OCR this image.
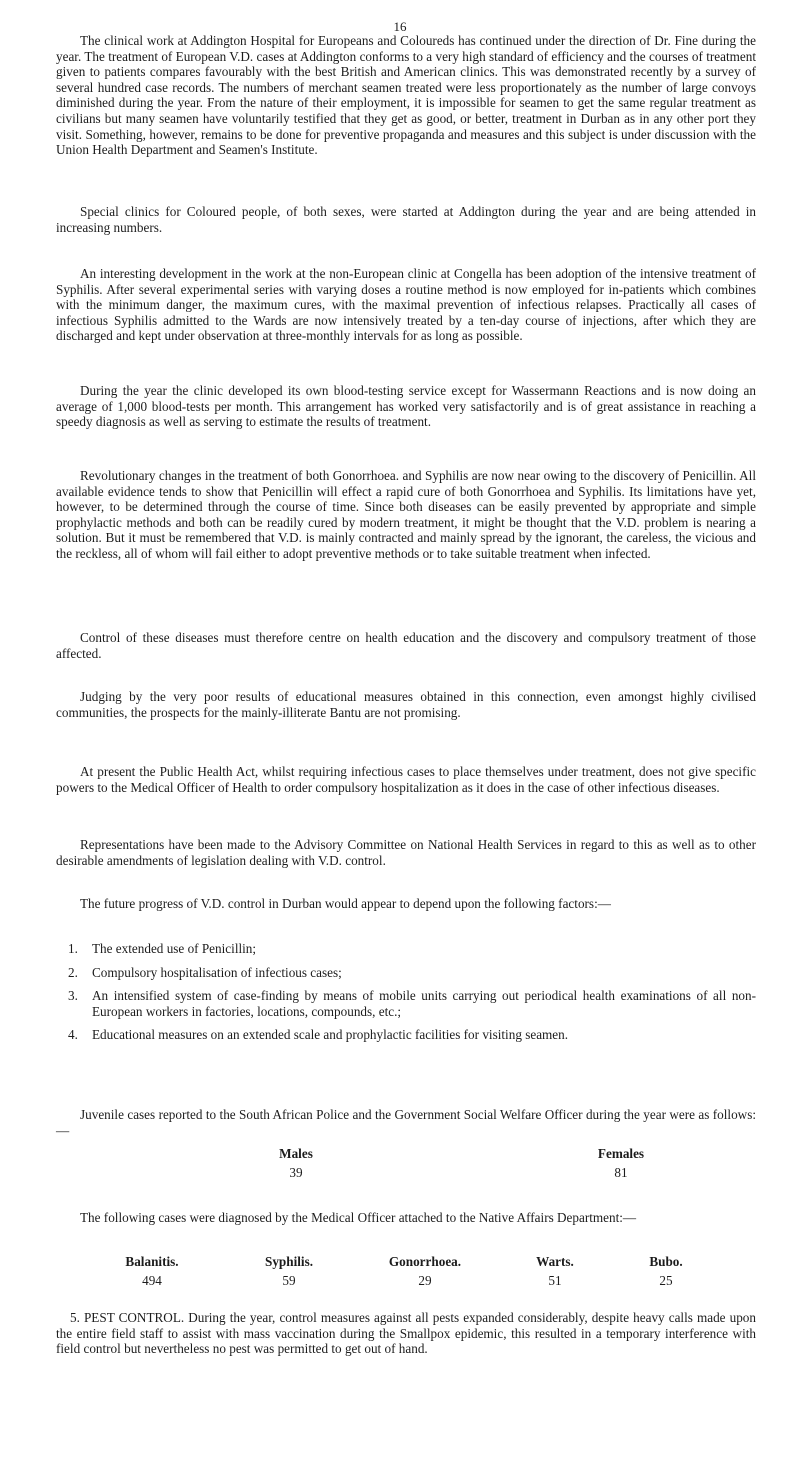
16

The clinical work at Addington Hospital for Europeans and Coloureds has continued under the direction of Dr. Fine during the year. The treatment of European V.D. cases at Addington conforms to a very high standard of efficiency and the courses of treatment given to patients compares favourably with the best British and American clinics. This was demonstrated recently by a survey of several hundred case records. The numbers of merchant seamen treated were less proportionately as the number of large convoys diminished during the year. From the nature of their employment, it is impossible for seamen to get the same regular treatment as civilians but many seamen have voluntarily testified that they get as good, or better, treatment in Durban as in any other port they visit. Something, however, remains to be done for preventive propaganda and measures and this subject is under discussion with the Union Health Department and Seamen's Institute.

Special clinics for Coloured people, of both sexes, were started at Addington during the year and are being attended in increasing numbers.

An interesting development in the work at the non-European clinic at Congella has been adoption of the intensive treatment of Syphilis. After several experimental series with varying doses a routine method is now employed for in-patients which combines with the minimum danger, the maximum cures, with the maximal prevention of infectious relapses. Practically all cases of infectious Syphilis admitted to the Wards are now intensively treated by a ten-day course of injections, after which they are discharged and kept under observation at three-monthly intervals for as long as possible.

During the year the clinic developed its own blood-testing service except for Wassermann Reactions and is now doing an average of 1,000 blood-tests per month. This arrangement has worked very satisfactorily and is of great assistance in reaching a speedy diagnosis as well as serving to estimate the results of treatment.

Revolutionary changes in the treatment of both Gonorrhoea. and Syphilis are now near owing to the discovery of Penicillin. All available evidence tends to show that Penicillin will effect a rapid cure of both Gonorrhoea and Syphilis. Its limitations have yet, however, to be determined through the course of time. Since both diseases can be easily prevented by appropriate and simple prophylactic methods and both can be readily cured by modern treatment, it might be thought that the V.D. problem is nearing a solution. But it must be remembered that V.D. is mainly contracted and mainly spread by the ignorant, the careless, the vicious and the reckless, all of whom will fail either to adopt preventive methods or to take suitable treatment when infected.

Control of these diseases must therefore centre on health education and the discovery and compulsory treatment of those affected.

Judging by the very poor results of educational measures obtained in this connection, even amongst highly civilised communities, the prospects for the mainly-illiterate Bantu are not promising.

At present the Public Health Act, whilst requiring infectious cases to place themselves under treatment, does not give specific powers to the Medical Officer of Health to order compulsory hospitalization as it does in the case of other infectious diseases.

Representations have been made to the Advisory Committee on National Health Services in regard to this as well as to other desirable amendments of legislation dealing with V.D. control.

The future progress of V.D. control in Durban would appear to depend upon the following factors:—

1.	The extended use of Penicillin;
2.	Compulsory hospitalisation of infectious cases;
3.	An intensified system of case-finding by means of mobile units carrying out periodical health examinations of all non-European workers in factories, locations, compounds, etc.;
4.	Educational measures on an extended scale and prophylactic facilities for visiting seamen.

Juvenile cases reported to the South African Police and the Government Social Welfare Officer during the year were as follows:—

Males	Females
39	81

The following cases were diagnosed by the Medical Officer attached to the Native Affairs Department:—

Balanitis.	Syphilis.	Gonorrhoea.	Warts.	Bubo.
494	59	29	51	25

5. PEST CONTROL. During the year, control measures against all pests expanded considerably, despite heavy calls made upon the entire field staff to assist with mass vaccination during the Smallpox epidemic, this resulted in a temporary interference with field control but nevertheless no pest was permitted to get out of hand.
